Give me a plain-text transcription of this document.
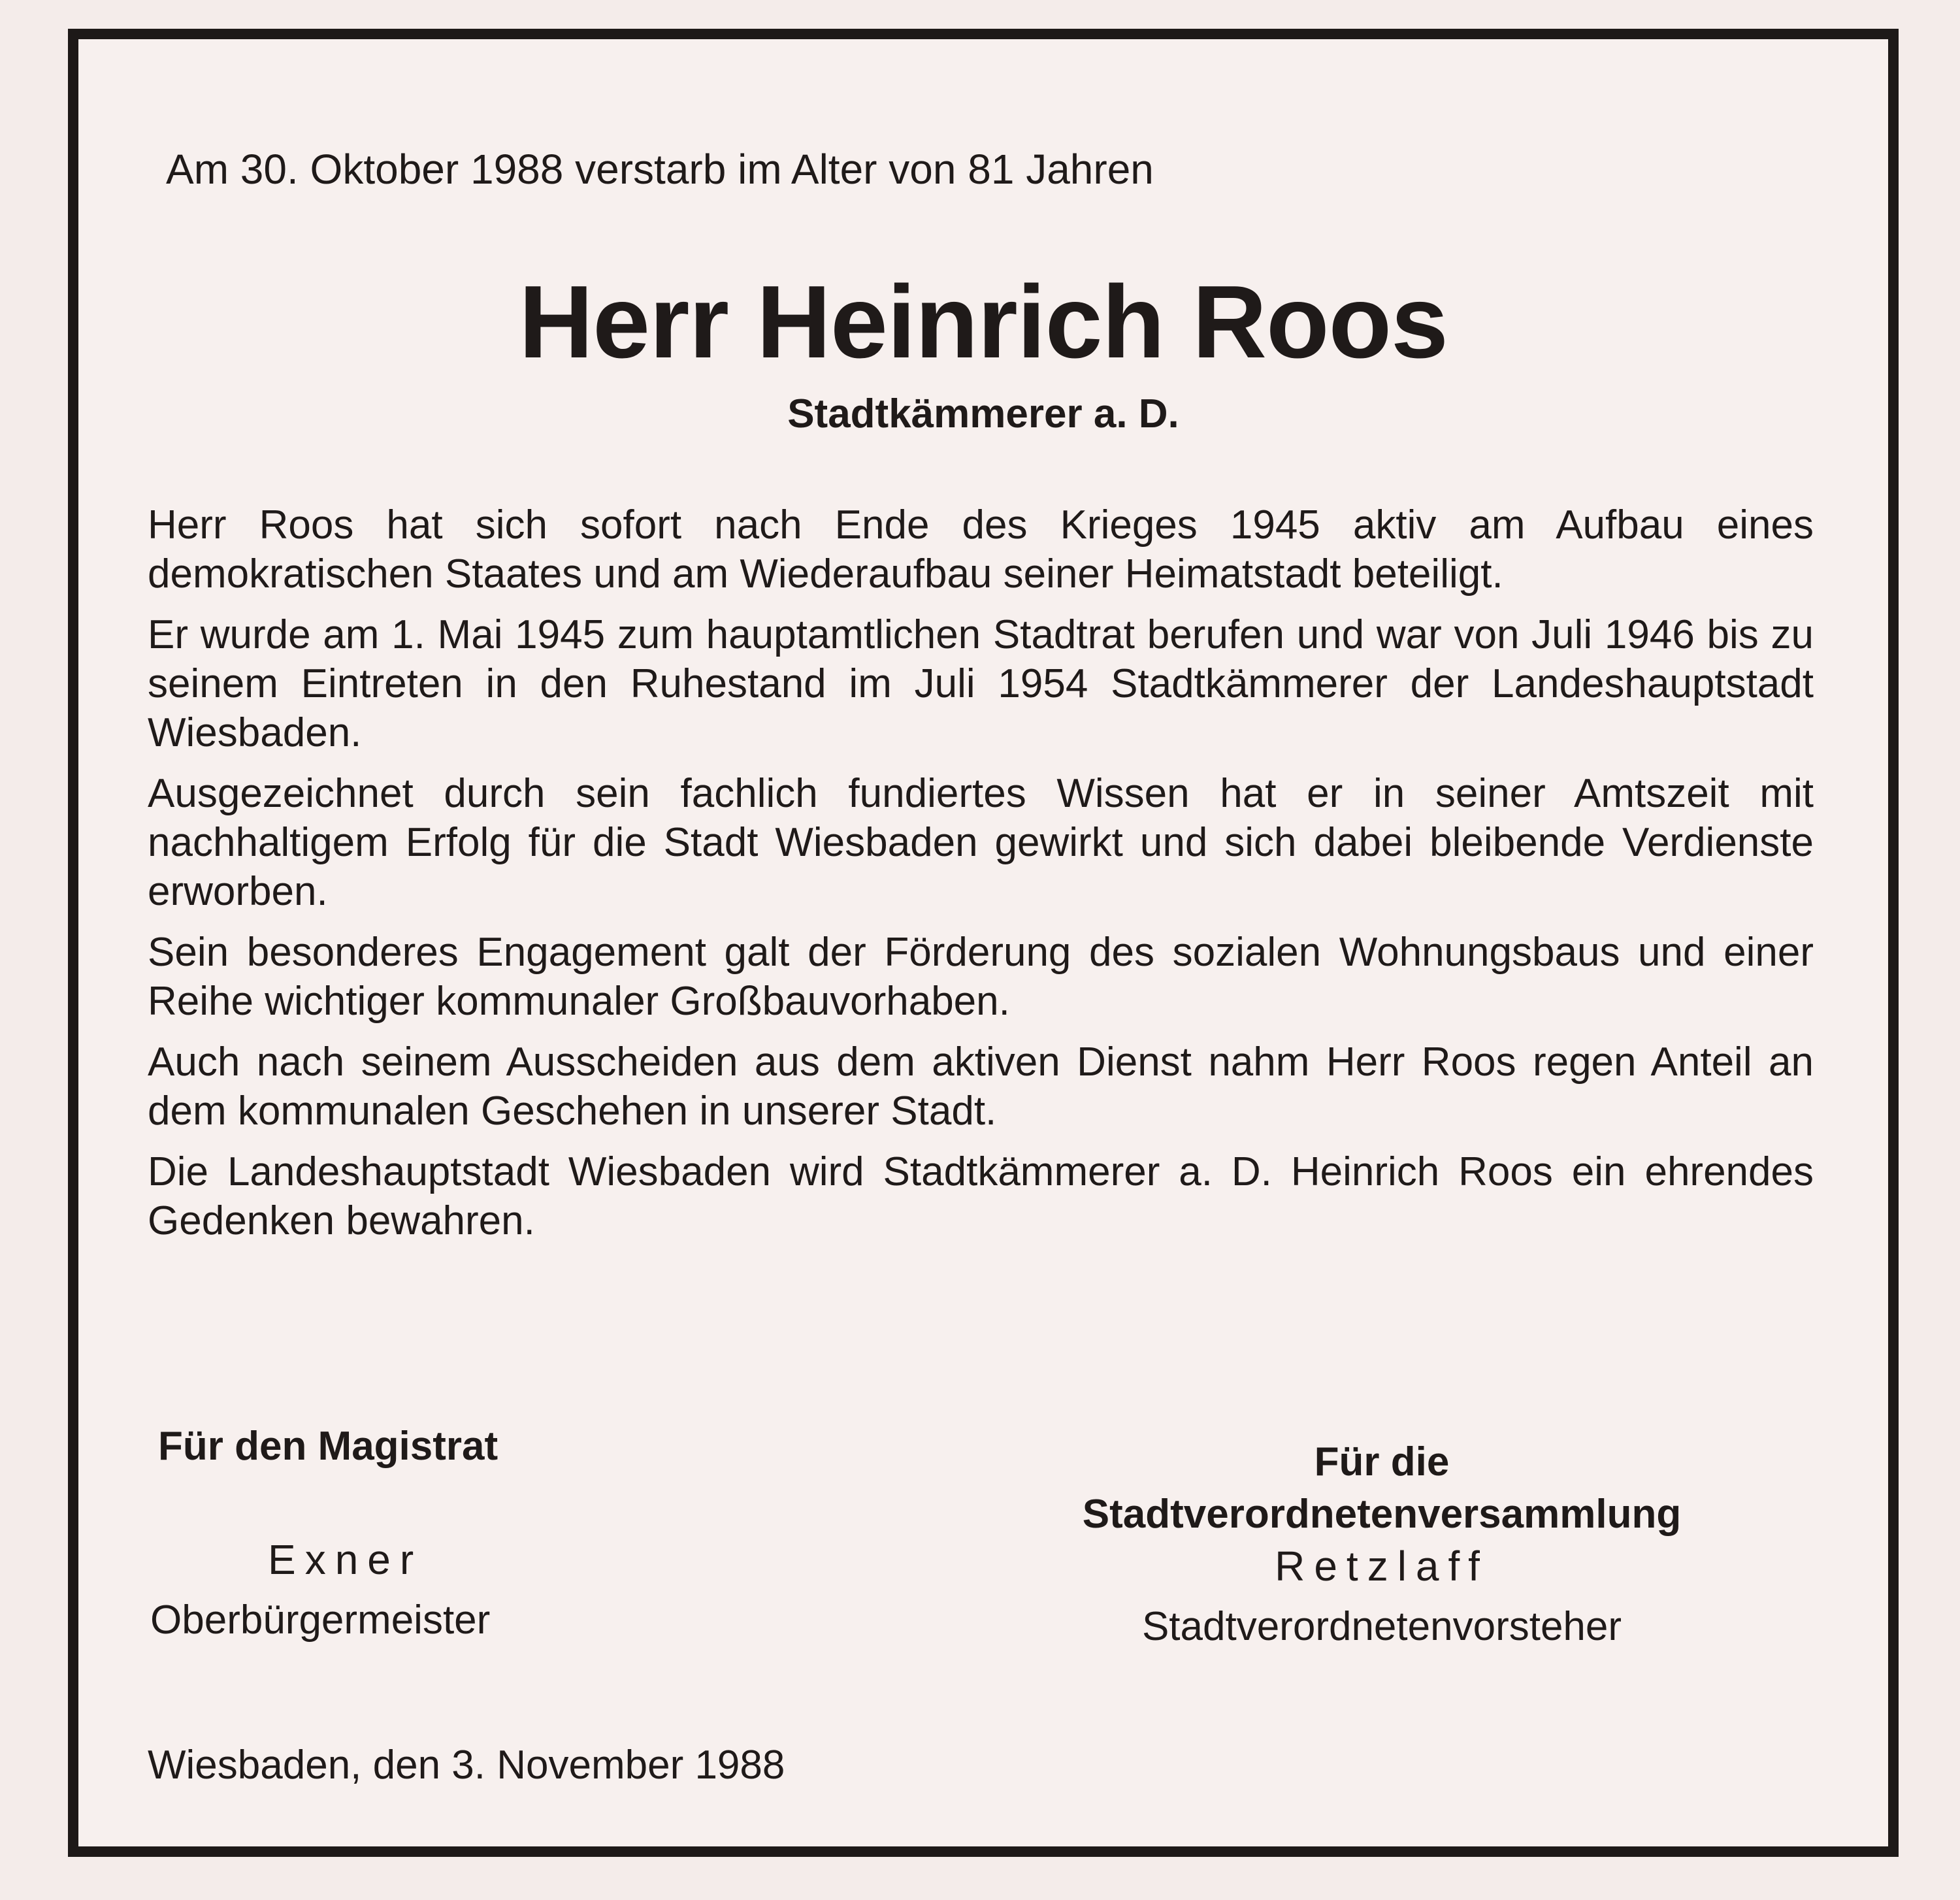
Am 30. Oktober 1988 verstarb im Alter von 81 Jahren
Herr Heinrich Roos
Stadtkämmerer a. D.

Herr Roos hat sich sofort nach Ende des Krieges 1945 aktiv am Aufbau eines demokratischen Staates und am Wiederaufbau seiner Heimatstadt beteiligt.

Er wurde am 1. Mai 1945 zum hauptamtlichen Stadtrat berufen und war von Juli 1946 bis zu seinem Eintreten in den Ruhestand im Juli 1954 Stadtkämmerer der Landeshauptstadt Wiesbaden.

Ausgezeichnet durch sein fachlich fundiertes Wissen hat er in seiner Amtszeit mit nachhaltigem Erfolg für die Stadt Wiesbaden gewirkt und sich dabei bleibende Verdienste erworben.

Sein besonderes Engagement galt der Förderung des sozialen Wohnungsbaus und einer Reihe wichtiger kommunaler Großbauvorhaben.

Auch nach seinem Ausscheiden aus dem aktiven Dienst nahm Herr Roos regen Anteil an dem kommunalen Geschehen in unserer Stadt.

Die Landeshauptstadt Wiesbaden wird Stadtkämmerer a. D. Heinrich Roos ein ehrendes Gedenken bewahren.

Für den Magistrat	Für die
Stadtverordnetenversammlung
Exner
Oberbürgermeister
Retzlaff
Stadtverordnetenvorsteher
Wiesbaden, den 3. November 1988
